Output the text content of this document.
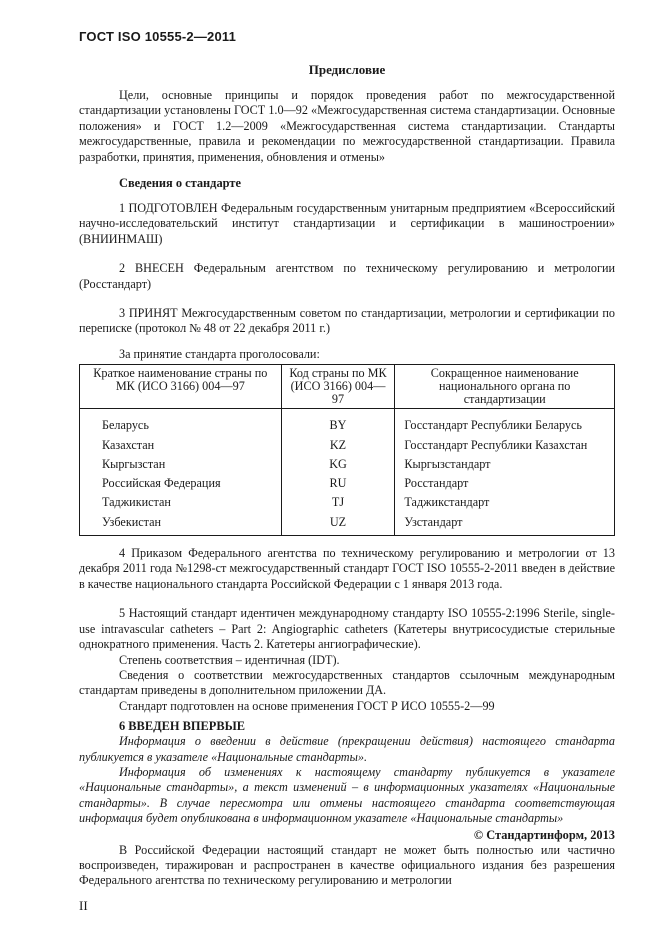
ГОСТ ISO 10555-2—2011
Предисловие

Цели, основные принципы и порядок проведения работ по межгосударственной стандартизации установлены ГОСТ 1.0—92 «Межгосударственная система стандартизации. Основные положения» и ГОСТ 1.2—2009 «Межгосударственная система стандартизации. Стандарты межгосударственные, правила и рекомендации по межгосударственной стандартизации. Правила разработки, принятия, применения, обновления и отмены»

Сведения о стандарте

1 ПОДГОТОВЛЕН Федеральным государственным унитарным предприятием «Всероссийский научно-исследовательский институт стандартизации и сертификации в машиностроении» (ВНИИНМАШ)

2 ВНЕСЕН Федеральным агентством по техническому регулированию и метрологии (Росстандарт)

3 ПРИНЯТ Межгосударственным советом по стандартизации, метрологии и сертификации по переписке (протокол № 48 от 22 декабря 2011 г.)

За принятие стандарта проголосовали:

Краткое наименование страны по МК (ИСО 3166) 004—97	Код страны по МК (ИСО 3166) 004—97	Сокращенное наименование национального органа по стандартизации
Беларусь	BY	Госстандарт Республики Беларусь
Казахстан	KZ	Госстандарт Республики Казахстан
Кыргызстан	KG	Кыргызстандарт
Российская Федерация	RU	Росстандарт
Таджикистан	TJ	Таджикстандарт
Узбекистан	UZ	Узстандарт

4 Приказом Федерального агентства по техническому регулированию и метрологии от 13 декабря 2011 года №1298-ст межгосударственный стандарт ГОСТ ISO 10555-2-2011 введен в действие в качестве национального стандарта Российской Федерации с 1 января 2013 года.

5 Настоящий стандарт идентичен международному стандарту ISO 10555-2:1996 Sterile, single-use intravascular catheters – Part 2: Angiographic catheters (Катетеры внутрисосудистые стерильные однократного применения. Часть 2. Катетеры ангиографические).

Степень соответствия – идентичная (IDT).

Сведения о соответствии межгосударственных стандартов ссылочным международным стандартам приведены в дополнительном приложении ДА.

Стандарт подготовлен на основе применения ГОСТ Р ИСО 10555-2—99

6 ВВЕДЕН ВПЕРВЫЕ

Информация о введении в действие (прекращении действия) настоящего стандарта публикуется в указателе «Национальные стандарты».

Информация об изменениях к настоящему стандарту публикуется в указателе «Национальные стандарты», а текст изменений – в информационных указателях «Национальные стандарты». В случае пересмотра или отмены настоящего стандарта соответствующая информация будет опубликована в информационном указателе «Национальные стандарты»

© Стандартинформ, 2013

В Российской Федерации настоящий стандарт не может быть полностью или частично воспроизведен, тиражирован и распространен в качестве официального издания без разрешения Федерального агентства по техническому регулированию и метрологии

II
